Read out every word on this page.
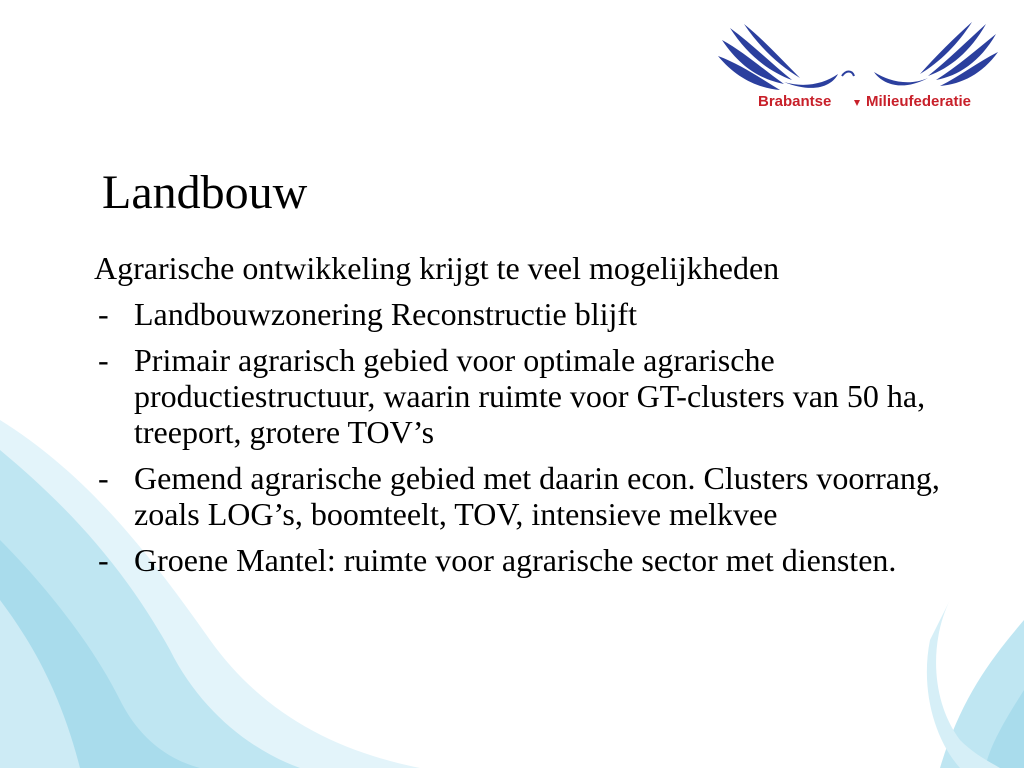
Brabantse Milieufederatie
Landbouw

Agrarische ontwikkeling krijgt te veel mogelijkheden

- Landbouwzonering Reconstructie blijft
- Primair agrarisch gebied voor optimale agrarische productiestructuur, waarin ruimte voor GT-clusters van 50 ha, treeport, grotere TOV’s
- Gemend agrarische gebied met daarin econ. Clusters voorrang, zoals LOG’s, boomteelt, TOV, intensieve melkvee
- Groene Mantel: ruimte voor agrarische sector met diensten.
